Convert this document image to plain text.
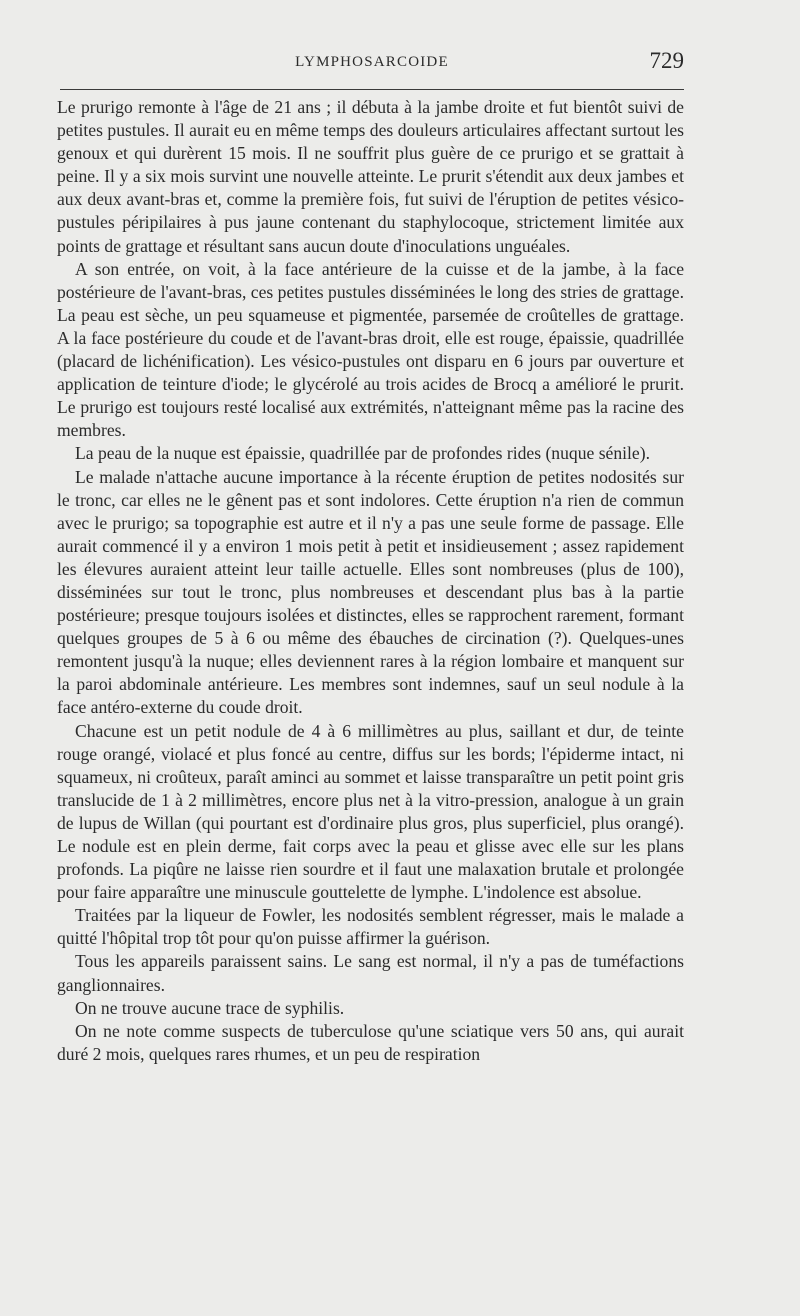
LYMPHOSARCOIDE	729

Le prurigo remonte à l'âge de 21 ans ; il débuta à la jambe droite et fut bientôt suivi de petites pustules. Il aurait eu en même temps des douleurs articulaires affectant surtout les genoux et qui durèrent 15 mois. Il ne souffrit plus guère de ce prurigo et se grattait à peine. Il y a six mois survint une nouvelle atteinte. Le prurit s'étendit aux deux jambes et aux deux avant-bras et, comme la première fois, fut suivi de l'éruption de petites vésico-pustules péripilaires à pus jaune contenant du staphylocoque, strictement limitée aux points de grattage et résultant sans aucun doute d'inoculations unguéales.

A son entrée, on voit, à la face antérieure de la cuisse et de la jambe, à la face postérieure de l'avant-bras, ces petites pustules disséminées le long des stries de grattage. La peau est sèche, un peu squameuse et pigmentée, parsemée de croûtelles de grattage. A la face postérieure du coude et de l'avant-bras droit, elle est rouge, épaissie, quadrillée (placard de lichénification). Les vésico-pustules ont disparu en 6 jours par ouverture et application de teinture d'iode; le glycérolé au trois acides de Brocq a amélioré le prurit. Le prurigo est toujours resté localisé aux extrémités, n'atteignant même pas la racine des membres.

La peau de la nuque est épaissie, quadrillée par de profondes rides (nuque sénile).

Le malade n'attache aucune importance à la récente éruption de petites nodosités sur le tronc, car elles ne le gênent pas et sont indolores. Cette éruption n'a rien de commun avec le prurigo; sa topographie est autre et il n'y a pas une seule forme de passage. Elle aurait commencé il y a environ 1 mois petit à petit et insidieusement ; assez rapidement les élevures auraient atteint leur taille actuelle. Elles sont nombreuses (plus de 100), disséminées sur tout le tronc, plus nombreuses et descendant plus bas à la partie postérieure; presque toujours isolées et distinctes, elles se rapprochent rarement, formant quelques groupes de 5 à 6 ou même des ébauches de circination (?). Quelques-unes remontent jusqu'à la nuque; elles deviennent rares à la région lombaire et manquent sur la paroi abdominale antérieure. Les membres sont indemnes, sauf un seul nodule à la face antéro-externe du coude droit.

Chacune est un petit nodule de 4 à 6 millimètres au plus, saillant et dur, de teinte rouge orangé, violacé et plus foncé au centre, diffus sur les bords; l'épiderme intact, ni squameux, ni croûteux, paraît aminci au sommet et laisse transparaître un petit point gris translucide de 1 à 2 millimètres, encore plus net à la vitro-pression, analogue à un grain de lupus de Willan (qui pourtant est d'ordinaire plus gros, plus superficiel, plus orangé). Le nodule est en plein derme, fait corps avec la peau et glisse avec elle sur les plans profonds. La piqûre ne laisse rien sourdre et il faut une malaxation brutale et prolongée pour faire apparaître une minuscule gouttelette de lymphe. L'indolence est absolue.

Traitées par la liqueur de Fowler, les nodosités semblent régresser, mais le malade a quitté l'hôpital trop tôt pour qu'on puisse affirmer la guérison.

Tous les appareils paraissent sains. Le sang est normal, il n'y a pas de tuméfactions ganglionnaires.

On ne trouve aucune trace de syphilis.

On ne note comme suspects de tuberculose qu'une sciatique vers 50 ans, qui aurait duré 2 mois, quelques rares rhumes, et un peu de respiration
